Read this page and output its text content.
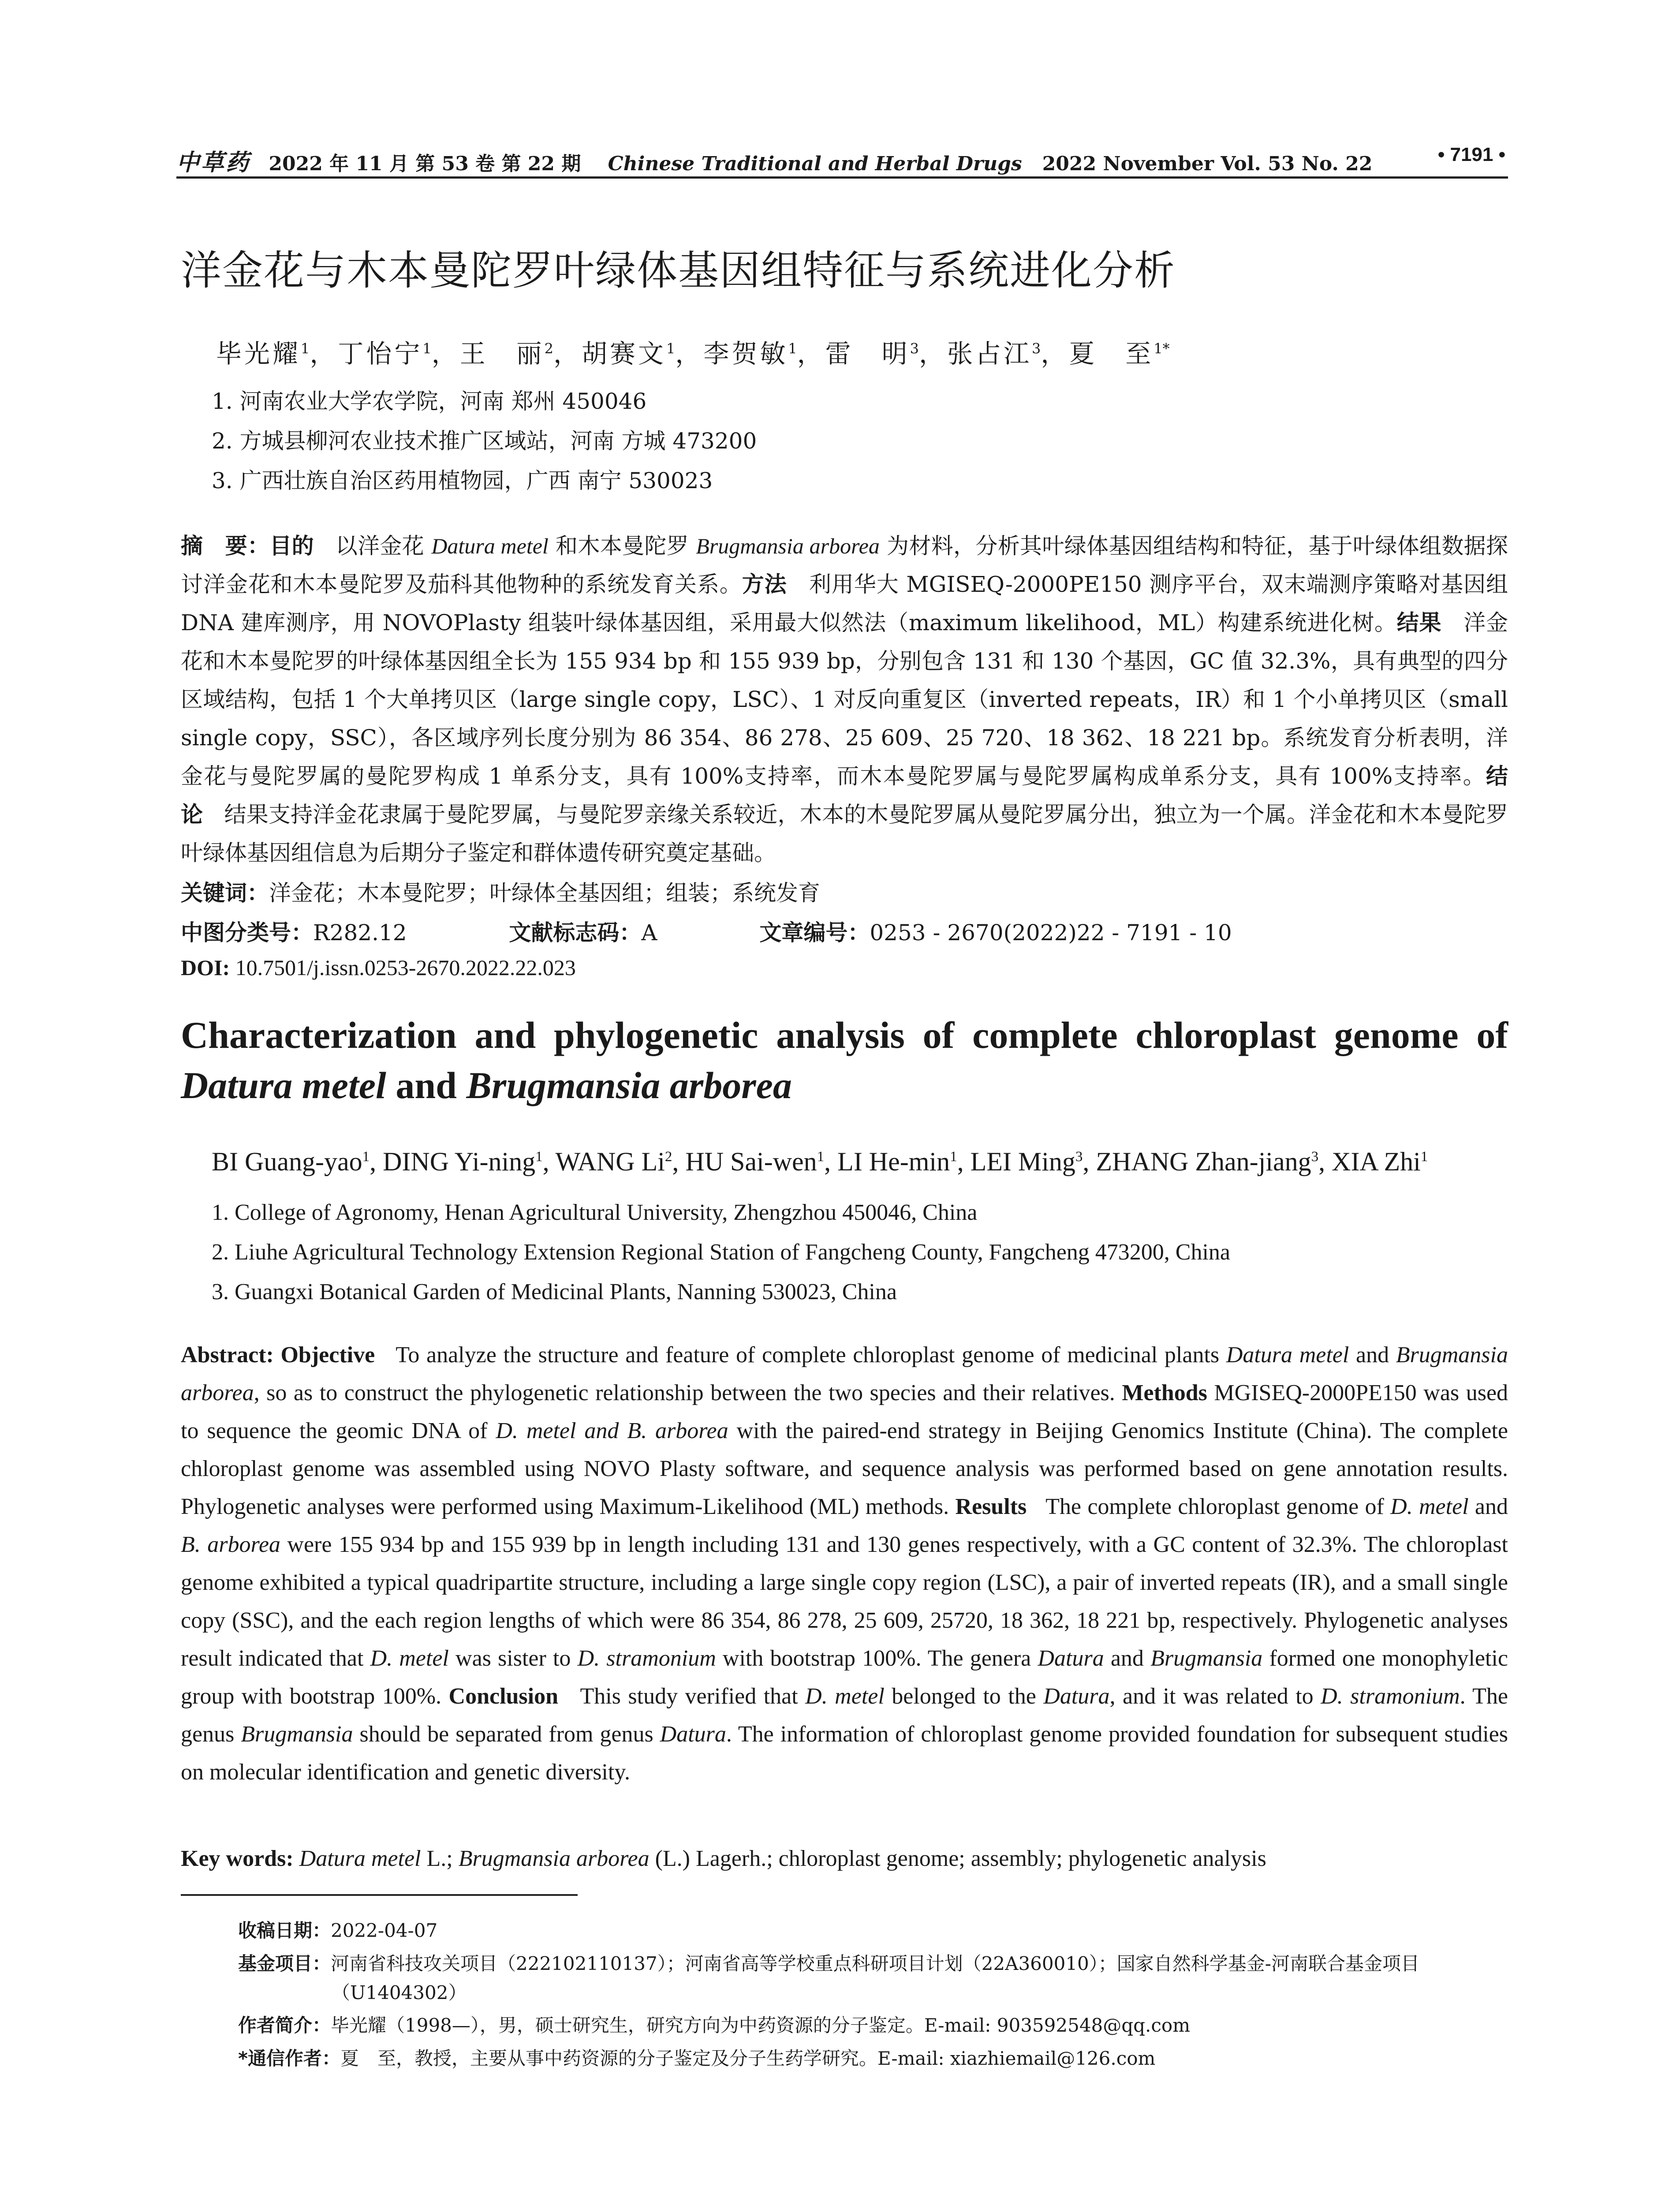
中草药 2022 年 11 月 第 53 卷 第 22 期 Chinese Traditional and Herbal Drugs 2022 November Vol. 53 No. 22	• 7191 •
洋金花与木本曼陀罗叶绿体基因组特征与系统进化分析
毕光耀$^1$，丁怡宁$^1$，王　丽$^2$，胡赛文$^1$，李贺敏$^1$，雷　明$^3$，张占江$^3$，夏　至$^{1*}$
1. 河南农业大学农学院，河南 郑州 450046
2. 方城县柳河农业技术推广区域站，河南 方城 473200
3. 广西壮族自治区药用植物园，广西 南宁 530023
摘　要：目的 以洋金花 Datura metel 和木本曼陀罗 Brugmansia arborea 为材料，分析其叶绿体基因组结构和特征，基于叶绿体组数据探讨洋金花和木本曼陀罗及茄科其他物种的系统发育关系。方法 利用华大 MGISEQ-2000PE150 测序平台，双末端测序策略对基因组 DNA 建库测序，用 NOVOPlasty 组装叶绿体基因组，采用最大似然法（maximum likelihood，ML）构建系统进化树。结果 洋金花和木本曼陀罗的叶绿体基因组全长为 155 934 bp 和 155 939 bp，分别包含 131 和 130 个基因，GC 值 32.3%，具有典型的四分区域结构，包括 1 个大单拷贝区（large single copy，LSC）、1 对反向重复区（inverted repeats，IR）和 1 个小单拷贝区（small single copy，SSC），各区域序列长度分别为 86 354、86 278、25 609、25 720、18 362、18 221 bp。系统发育分析表明，洋金花与曼陀罗属的曼陀罗构成 1 单系分支，具有 100%支持率，而木本曼陀罗属与曼陀罗属构成单系分支，具有 100%支持率。结论 结果支持洋金花隶属于曼陀罗属，与曼陀罗亲缘关系较近，木本的木曼陀罗属从曼陀罗属分出，独立为一个属。洋金花和木本曼陀罗叶绿体基因组信息为后期分子鉴定和群体遗传研究奠定基础。
关键词：洋金花；木本曼陀罗；叶绿体全基因组；组装；系统发育
中图分类号：R282.12	文献标志码：A	文章编号：0253 - 2670(2022)22 - 7191 - 10
DOI: 10.7501/j.issn.0253-2670.2022.22.023
Characterization and phylogenetic analysis of complete chloroplast genome of Datura metel and Brugmansia arborea
BI Guang-yao$^1$, DING Yi-ning$^1$, WANG Li$^2$, HU Sai-wen$^1$, LI $He-\min^1$, LEI Ming$^3$, ZHANG Zhan-jiang$^3$, XIA Zhi$^1$
1. College of Agronomy, Henan Agricultural University, Zhengzhou 450046, China
2. Liuhe Agricultural Technology Extension Regional Station of Fangcheng County, Fangcheng 473200, China
3. Guangxi Botanical Garden of Medicinal Plants, Nanning 530023, China
Abstract: Objective To analyze the structure and feature of complete chloroplast genome of medicinal plants Datura metel and Brugmansia arborea, so as to construct the phylogenetic relationship between the two species and their relatives. Methods MGISEQ-2000PE150 was used to sequence the geomic DNA of D. metel and B. arborea with the paired-end strategy in Beijing Genomics Institute (China). The complete chloroplast genome was assembled using NOVO Plasty software, and sequence analysis was performed based on gene annotation results. Phylogenetic analyses were performed using Maximum-Likelihood (ML) methods. Results The complete chloroplast genome of D. metel and B. arborea were 155 934 bp and 155 939 bp in length including 131 and 130 genes respectively, with a GC content of 32.3%. The chloroplast genome exhibited a typical quadripartite structure, including a large single copy region (LSC), a pair of inverted repeats (IR), and a small single copy (SSC), and the each region lengths of which were 86 354, 86 278, 25 609, 25720, 18 362, 18 221 bp, respectively. Phylogenetic analyses result indicated that D. metel was sister to D. stramonium with bootstrap 100%. The genera Datura and Brugmansia formed one monophyletic group with bootstrap 100%. Conclusion This study verified that D. metel belonged to the Datura, and it was related to D. stramonium. The genus Brugmansia should be separated from genus Datura. The information of chloroplast genome provided foundation for subsequent studies on molecular identification and genetic diversity.
Key words: Datura metel L.; Brugmansia arborea (L.) Lagerh.; chloroplast genome; assembly; phylogenetic analysis
收稿日期：2022-04-07
基金项目：河南省科技攻关项目（222102110137）；河南省高等学校重点科研项目计划（22A360010）；国家自然科学基金-河南联合基金项目
（U1404302）
作者简介：毕光耀（1998—），男，硕士研究生，研究方向为中药资源的分子鉴定。E-mail: 903592548@qq.com
*通信作者：夏　至，教授，主要从事中药资源的分子鉴定及分子生药学研究。E-mail: xiazhiemail@126.com
